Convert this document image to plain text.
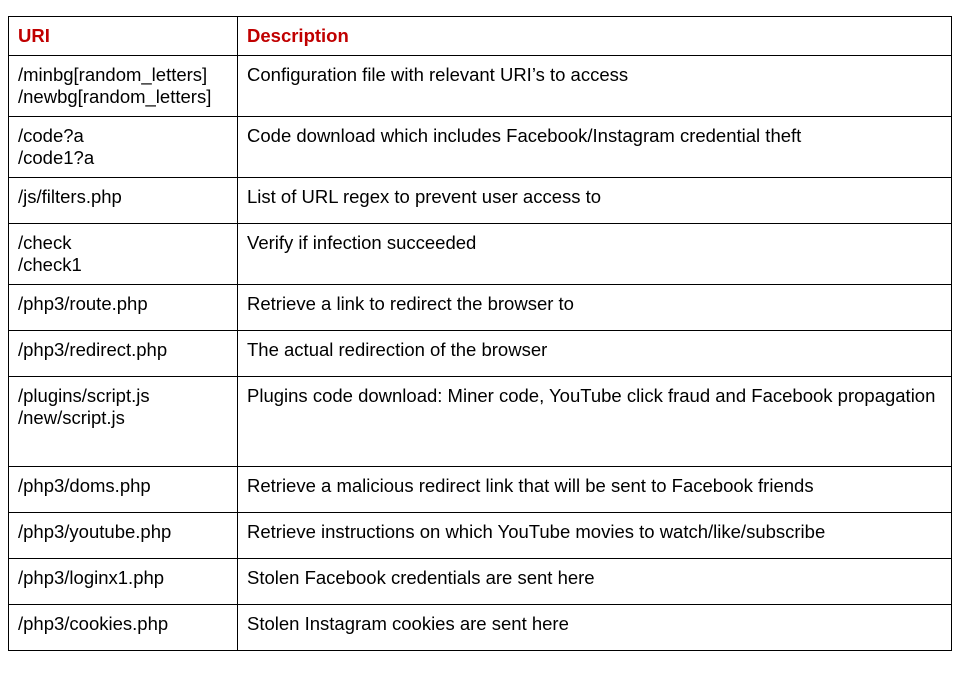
URI	Description

/minbg[random_letters]
/newbg[random_letters]	Configuration file with relevant URI’s to access

/code?a
/code1?a	Code download which includes Facebook/Instagram credential theft

/js/filters.php	List of URL regex to prevent user access to

/check
/check1	Verify if infection succeeded

/php3/route.php	Retrieve a link to redirect the browser to

/php3/redirect.php	The actual redirection of the browser

/plugins/script.js
/new/script.js	Plugins code download: Miner code, YouTube click fraud and Facebook propagation

/php3/doms.php	Retrieve a malicious redirect link that will be sent to Facebook friends

/php3/youtube.php	Retrieve instructions on which YouTube movies to watch/like/subscribe

/php3/loginx1.php	Stolen Facebook credentials are sent here

/php3/cookies.php	Stolen Instagram cookies are sent here
